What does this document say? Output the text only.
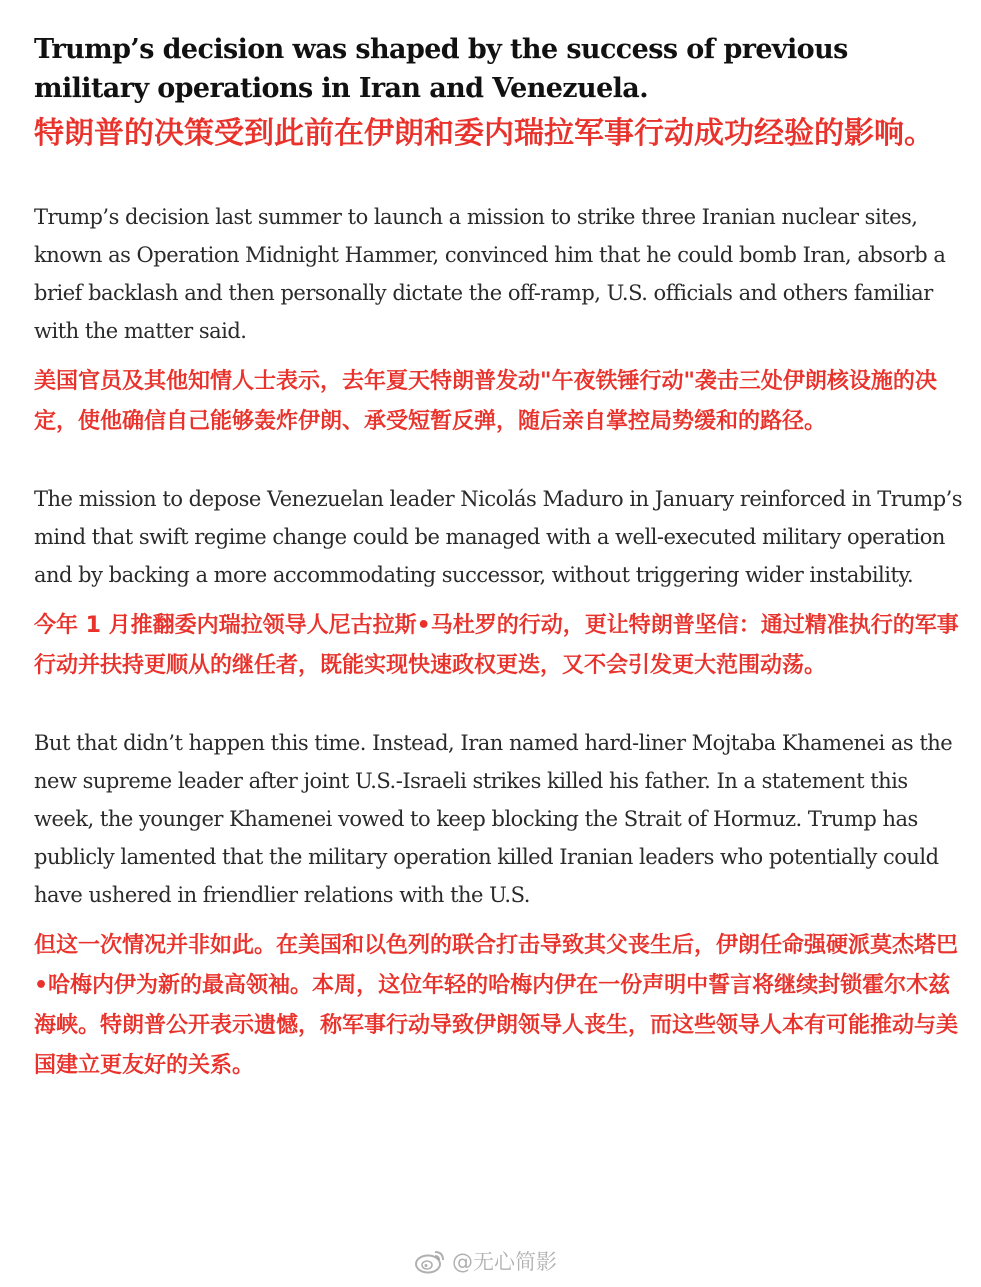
Trump’s decision was shaped by the success of previous military operations in Iran and Venezuela.
特朗普的决策受到此前在伊朗和委内瑞拉军事行动成功经验的影响。

Trump’s decision last summer to launch a mission to strike three Iranian nuclear sites, known as Operation Midnight Hammer, convinced him that he could bomb Iran, absorb a brief backlash and then personally dictate the off-ramp, U.S. officials and others familiar with the matter said.

美国官员及其他知情人士表示，去年夏天特朗普发动"午夜铁锤行动"袭击三处伊朗核设施的决定，使他确信自己能够轰炸伊朗、承受短暂反弹，随后亲自掌控局势缓和的路径。

The mission to depose Venezuelan leader Nicolás Maduro in January reinforced in Trump’s mind that swift regime change could be managed with a well-executed military operation and by backing a more accommodating successor, without triggering wider instability.

今年 1 月推翻委内瑞拉领导人尼古拉斯•马杜罗的行动，更让特朗普坚信：通过精准执行的军事行动并扶持更顺从的继任者，既能实现快速政权更迭，又不会引发更大范围动荡。

But that didn’t happen this time. Instead, Iran named hard-liner Mojtaba Khamenei as the new supreme leader after joint U.S.-Israeli strikes killed his father. In a statement this week, the younger Khamenei vowed to keep blocking the Strait of Hormuz. Trump has publicly lamented that the military operation killed Iranian leaders who potentially could have ushered in friendlier relations with the U.S.

但这一次情况并非如此。在美国和以色列的联合打击导致其父丧生后，伊朗任命强硬派莫杰塔巴•哈梅内伊为新的最高领袖。本周，这位年轻的哈梅内伊在一份声明中誓言将继续封锁霍尔木兹海峡。特朗普公开表示遗憾，称军事行动导致伊朗领导人丧生，而这些领导人本有可能推动与美国建立更友好的关系。

@无心简影
